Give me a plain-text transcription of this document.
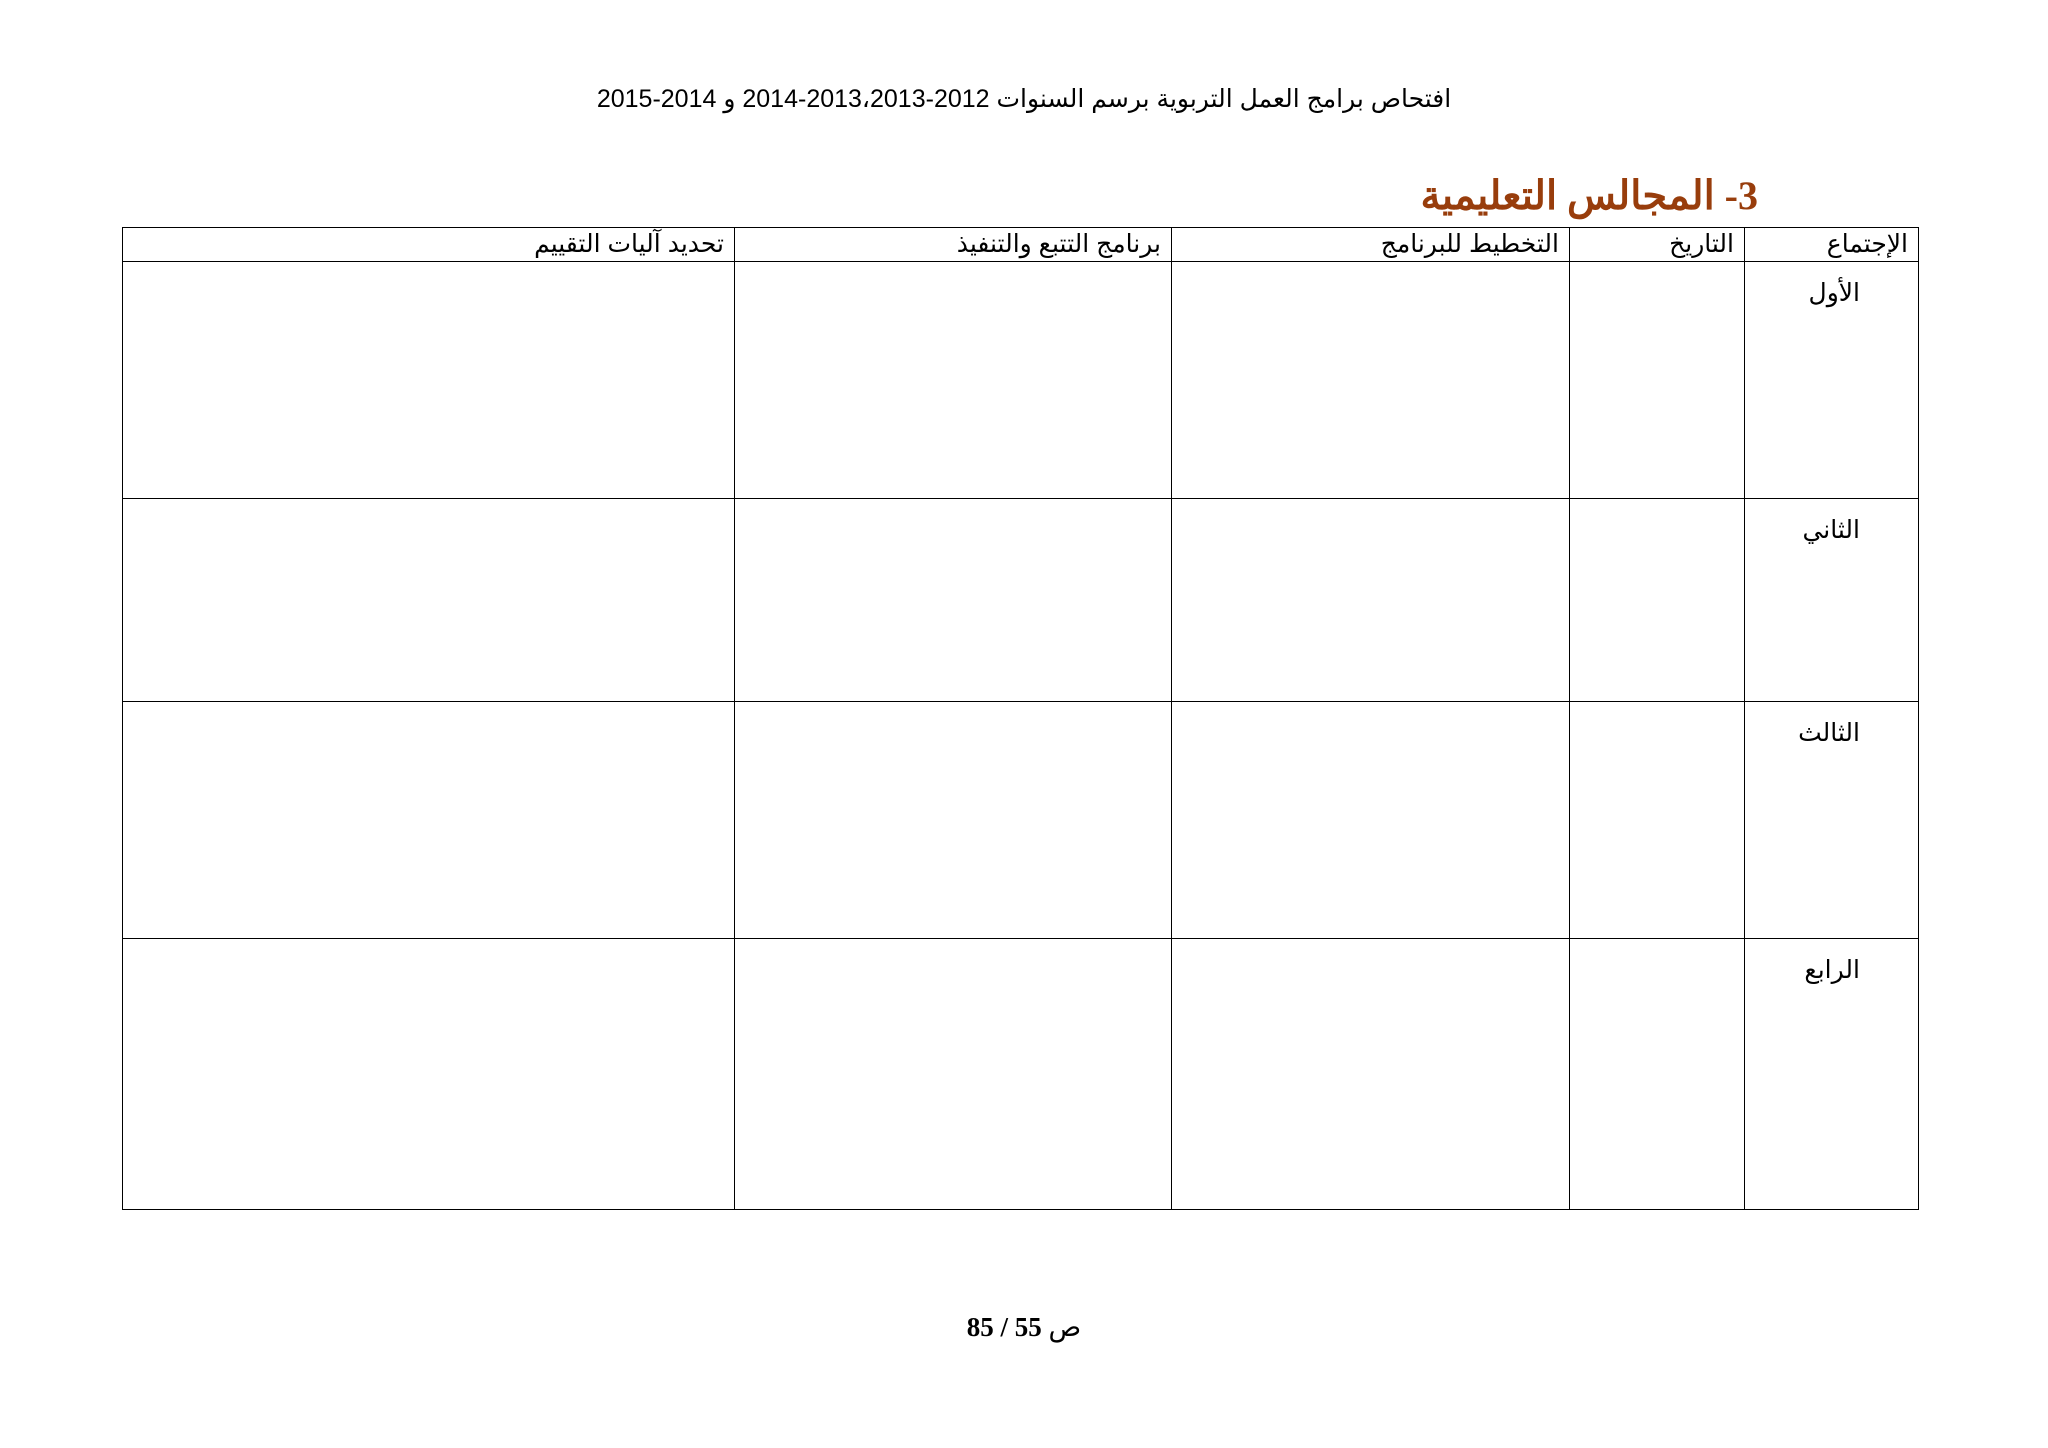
افتحاص برامج العمل التربوية برسم السنوات 2012-2013،2013-2014 و 2014-2015
3- المجالس التعليمية
الإجتماع	التاريخ	التخطيط للبرنامج	برنامج التتبع والتنفيذ	تحديد آليات التقييم
الأول				
الثاني				
الثالث				
الرابع				
ص 55 / 85
